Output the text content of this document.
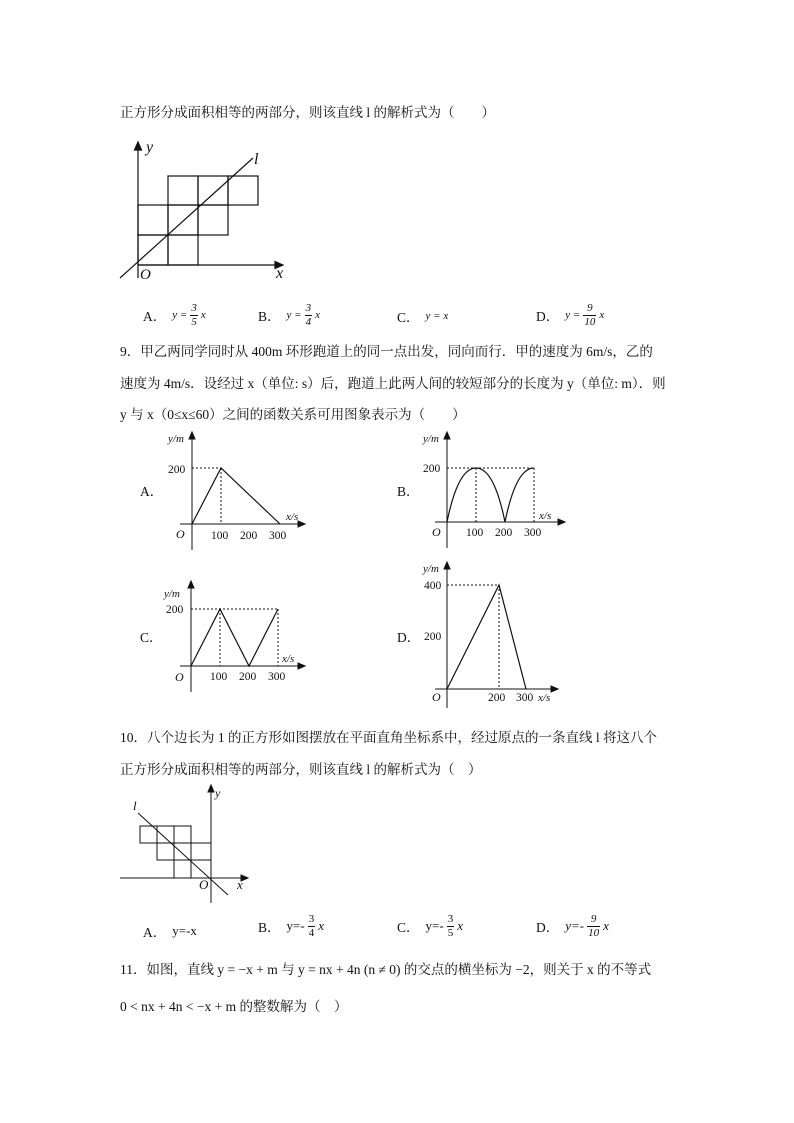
正方形分成面积相等的两部分，则该直线 l 的解析式为（　　）
y
x
O
l
A． $y = \frac{3}{5}$ x	B． $y = \frac{3}{4}$ x	C． y = x	D． $y = \frac{9}{10}$ x
9．甲乙两同学同时从 400m 环形跑道上的同一点出发，同向而行．甲的速度为 6m/s，乙的
速度为 4m/s．设经过 x（单位: s）后，跑道上此两人间的较短部分的长度为 y（单位: m）．则
y 与 x（0≤x≤60）之间的函数关系可用图象表示为（　　）
A．
y/m
x/s
O
200
100 200 300
B．
y/m
x/s
O
200
100 200 300
C．
y/m
x/s
O
200
100 200 300
D．
y/m
x/s
O
400
200
200 300
10．八个边长为 1 的正方形如图摆放在平面直角坐标系中，经过原点的一条直线 l 将这八个
正方形分成面积相等的两部分，则该直线 l 的解析式为（　）
y
x
O
l
A． y=-x	B． $y=- \frac{3}{4}$ x	C． $y=- \frac{3}{5}$ x	D． $y=- \frac{9}{10}$ x
11．如图，直线 y = −x + m 与 y = nx + 4n (n ≠ 0) 的交点的横坐标为 −2，则关于 x 的不等式
0 < nx + 4n < −x + m 的整数解为（　）
